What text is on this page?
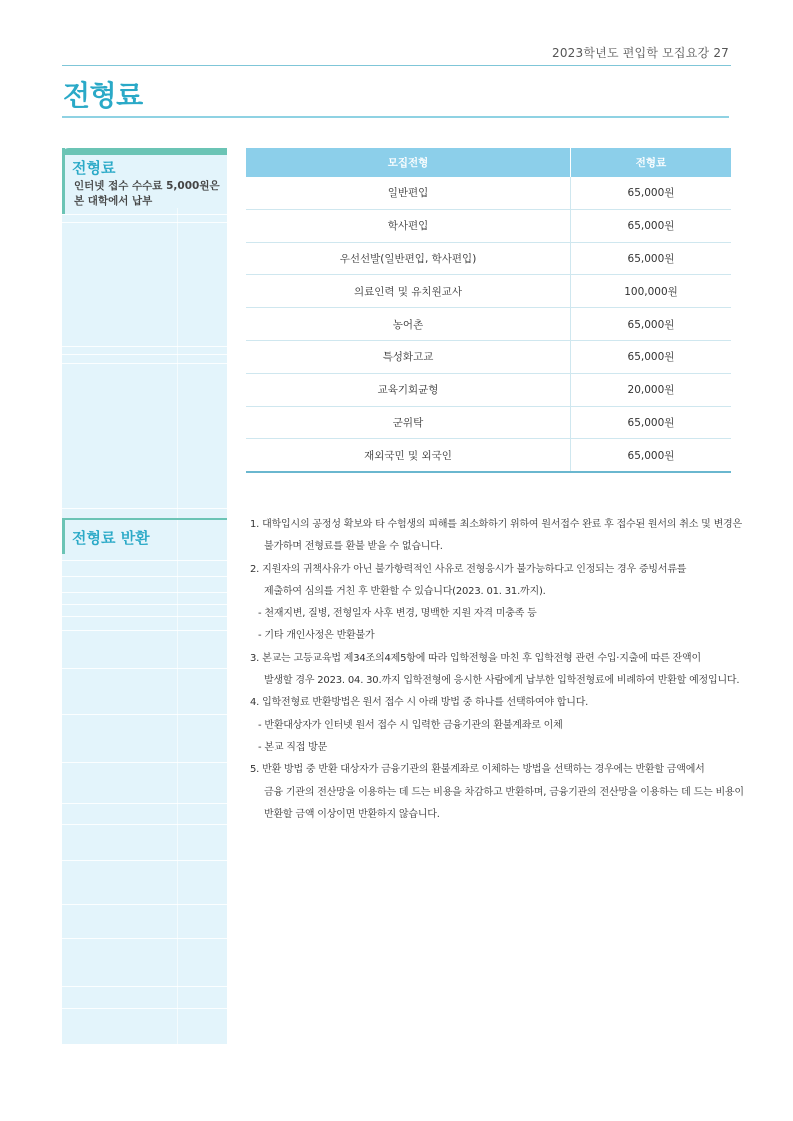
2023학년도 편입학 모집요강 27
전형료
전형료
인터넷 접수 수수료 5,000원은
본 대학에서 납부
전형료 반환
모집전형	전형료
일반편입	65,000원
학사편입	65,000원
우선선발(일반편입, 학사편입)	65,000원
의료인력 및 유치원교사	100,000원
농어촌	65,000원
특성화고교	65,000원
교육기회균형	20,000원
군위탁	65,000원
재외국민 및 외국인	65,000원

1. 대학입시의 공정성 확보와 타 수험생의 피해를 최소화하기 위하여 원서접수 완료 후 접수된 원서의 취소 및 변경은

불가하며 전형료를 환불 받을 수 없습니다.

2. 지원자의 귀책사유가 아닌 불가항력적인 사유로 전형응시가 불가능하다고 인정되는 경우 증빙서류를

제출하여 심의를 거친 후 반환할 수 있습니다(2023. 01. 31.까지).

- 천재지변, 질병, 전형일자 사후 변경, 명백한 지원 자격 미충족 등

- 기타 개인사정은 반환불가

3. 본교는 고등교육법 제34조의4제5항에 따라 입학전형을 마친 후 입학전형 관련 수입·지출에 따른 잔액이

발생할 경우 2023. 04. 30.까지 입학전형에 응시한 사람에게 납부한 입학전형료에 비례하여 반환할 예정입니다.

4. 입학전형료 반환방법은 원서 접수 시 아래 방법 중 하나를 선택하여야 합니다.

- 반환대상자가 인터넷 원서 접수 시 입력한 금융기관의 환불계좌로 이체

- 본교 직접 방문

5. 반환 방법 중 반환 대상자가 금융기관의 환불계좌로 이체하는 방법을 선택하는 경우에는 반환할 금액에서

금융 기관의 전산망을 이용하는 데 드는 비용을 차감하고 반환하며, 금융기관의 전산망을 이용하는 데 드는 비용이

반환할 금액 이상이면 반환하지 않습니다.
